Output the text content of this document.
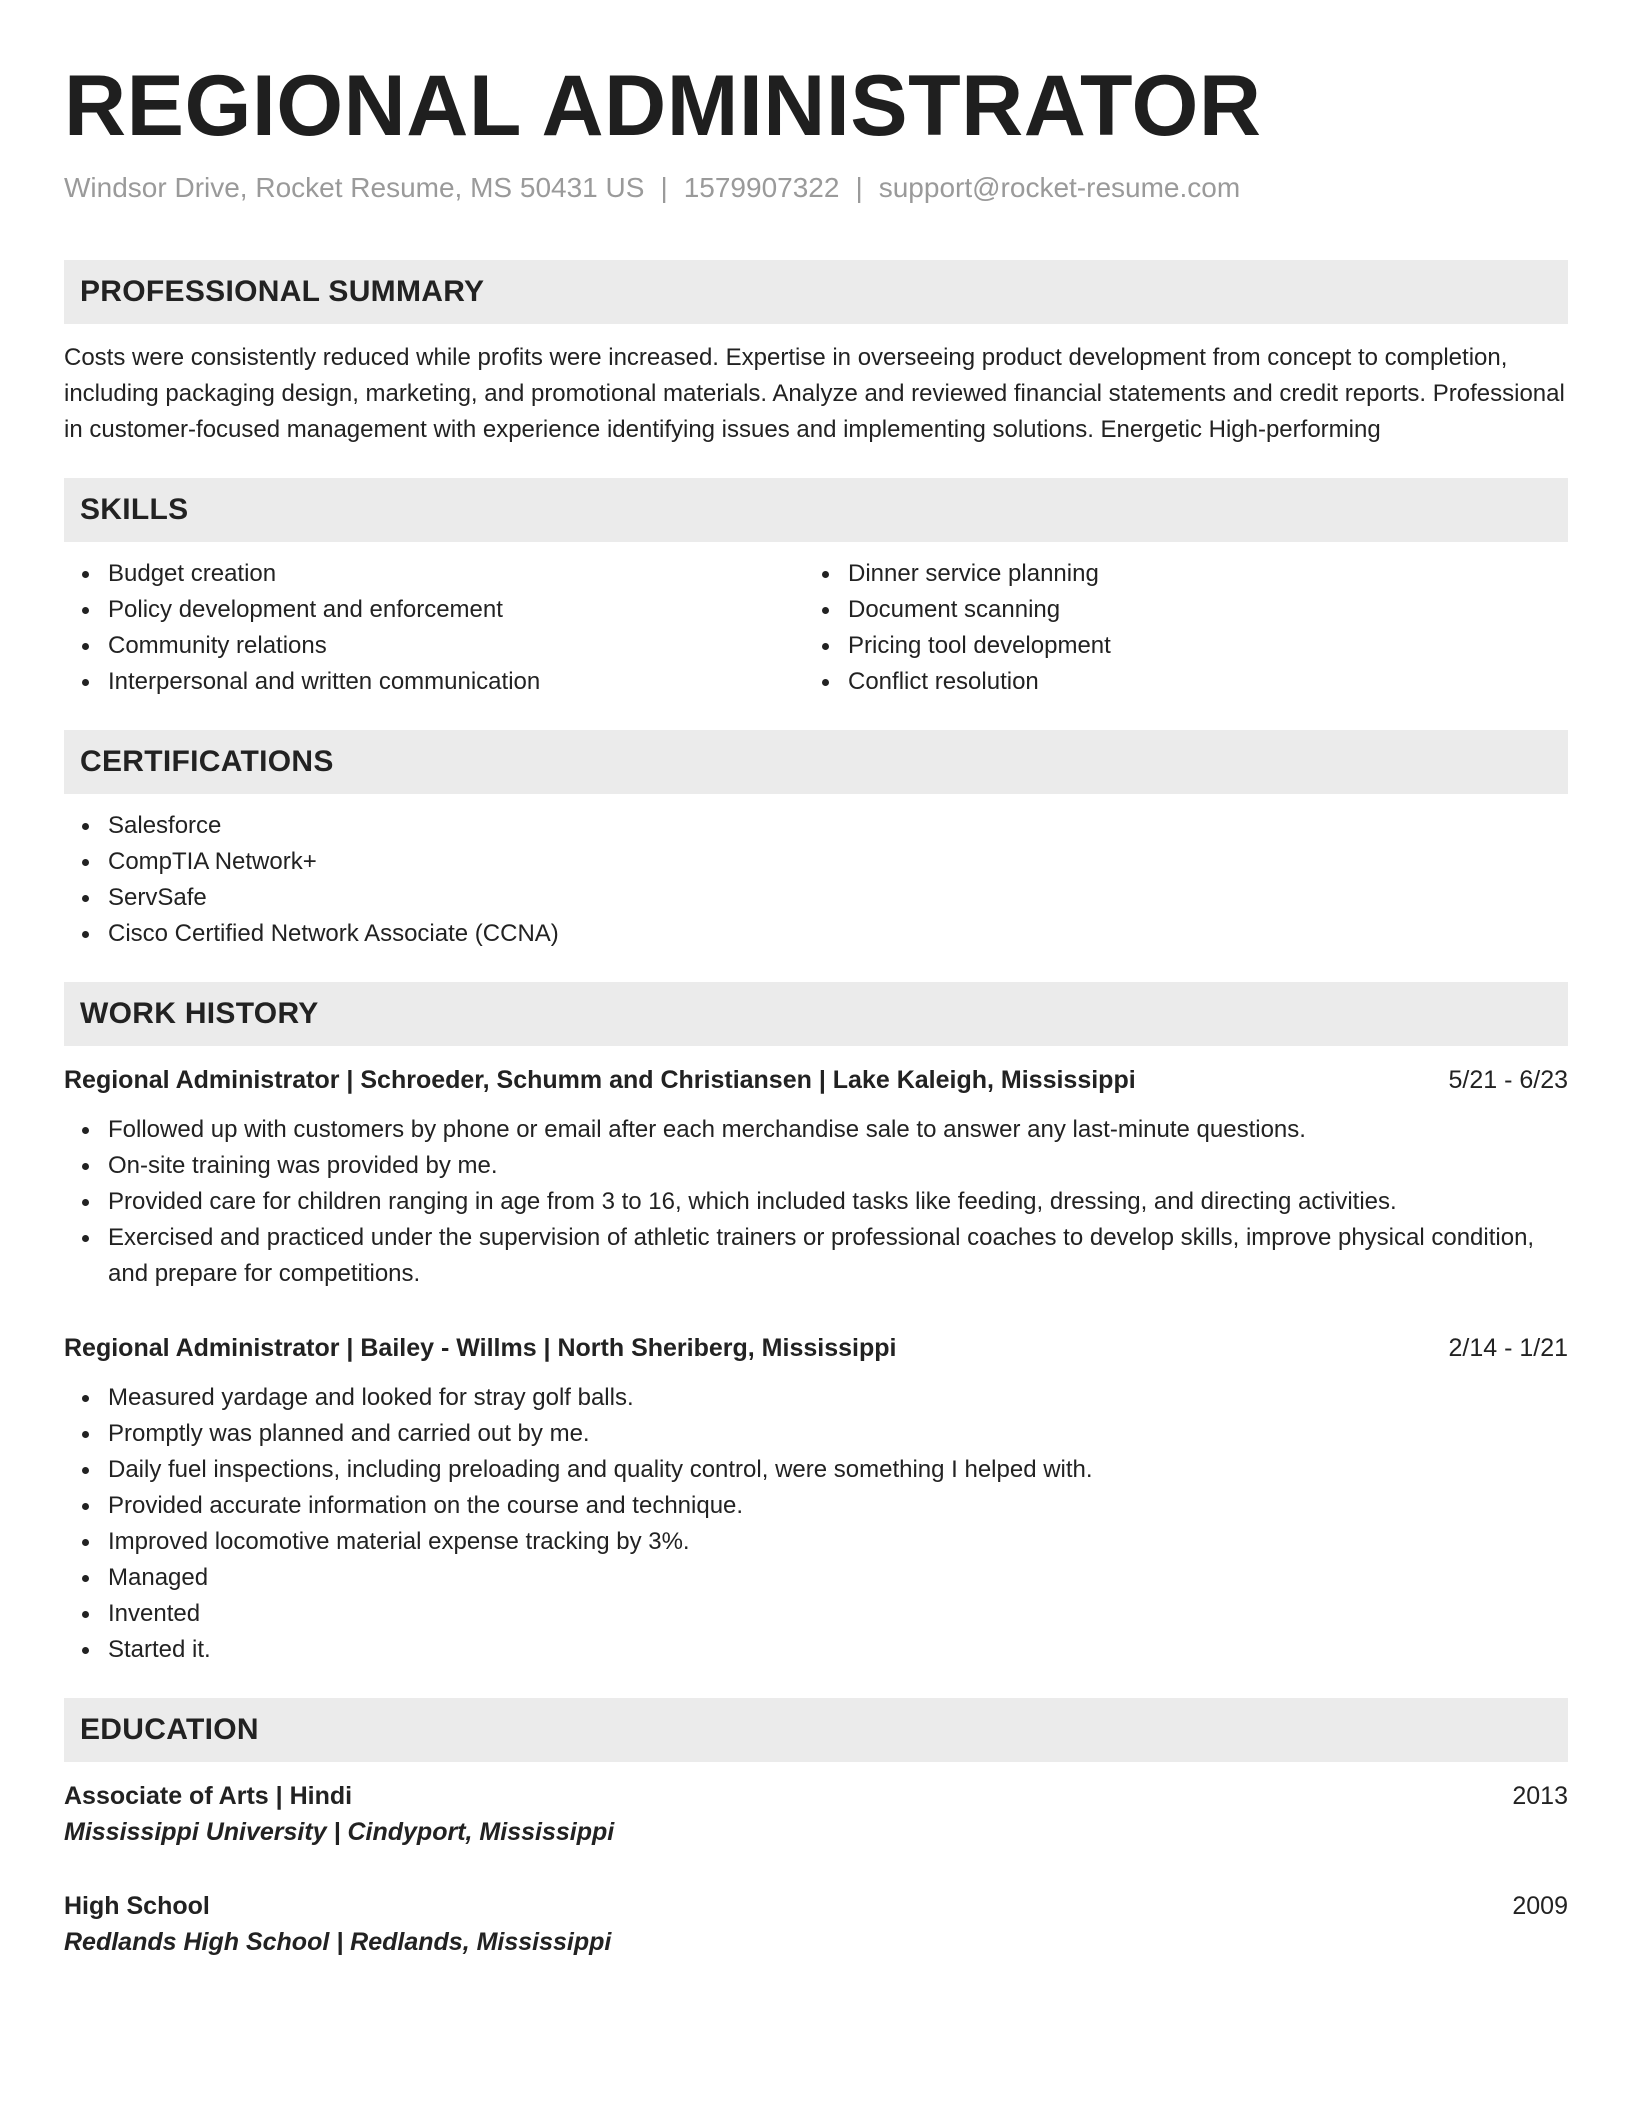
REGIONAL ADMINISTRATOR
Windsor Drive, Rocket Resume, MS 50431 US | 1579907322 | support@rocket-resume.com
PROFESSIONAL SUMMARY
Costs were consistently reduced while profits were increased. Expertise in overseeing product development from concept to completion, including packaging design, marketing, and promotional materials. Analyze and reviewed financial statements and credit reports. Professional in customer-focused management with experience identifying issues and implementing solutions. Energetic High-performing
SKILLS
Budget creation
Policy development and enforcement
Community relations
Interpersonal and written communication
Dinner service planning
Document scanning
Pricing tool development
Conflict resolution
CERTIFICATIONS
Salesforce
CompTIA Network+
ServSafe
Cisco Certified Network Associate (CCNA)
WORK HISTORY
Regional Administrator | Schroeder, Schumm and Christiansen | Lake Kaleigh, Mississippi	5/21 - 6/23
Followed up with customers by phone or email after each merchandise sale to answer any last-minute questions.
On-site training was provided by me.
Provided care for children ranging in age from 3 to 16, which included tasks like feeding, dressing, and directing activities.
Exercised and practiced under the supervision of athletic trainers or professional coaches to develop skills, improve physical condition, and prepare for competitions.
Regional Administrator | Bailey - Willms | North Sheriberg, Mississippi	2/14 - 1/21
Measured yardage and looked for stray golf balls.
Promptly was planned and carried out by me.
Daily fuel inspections, including preloading and quality control, were something I helped with.
Provided accurate information on the course and technique.
Improved locomotive material expense tracking by 3%.
Managed
Invented
Started it.
EDUCATION
Associate of Arts | Hindi	2013
Mississippi University | Cindyport, Mississippi
High School	2009
Redlands High School | Redlands, Mississippi
